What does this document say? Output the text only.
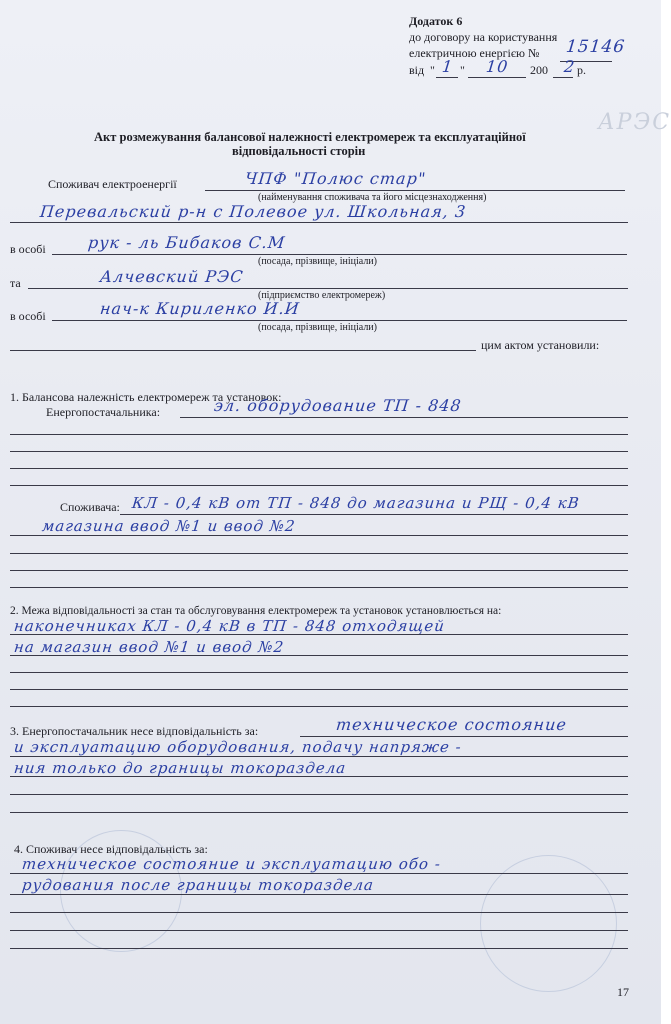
Додаток 6
до договору на користування
електричною енергією № 15146
від " 1 " 10 200 2 р.
АРЭС
Акт розмежування балансової належності електромереж та експлуатаційної
відповідальності сторін
Споживач електроенергії	ЧПФ "Полюс стар"
(найменування споживача та його місцезнаходження)
Перевальский р-н с Полевое ул. Школьная, 3
в особі	рук - ль Бибаков С.М
(посада, прізвище, ініціали)
та	Алчевский РЭС
(підприємство електромереж)
в особі	нач-к Кириленко И.И
(посада, прізвище, ініціали)
цим актом установили:
1. Балансова належність електромереж та установок:
Енергопостачальника:	эл. оборудование ТП - 848
Споживача: КЛ - 0,4 кВ от ТП - 848 до магазина и РЩ - 0,4 кВ
магазина ввод №1 и ввод №2
2. Межа відповідальності за стан та обслуговування електромереж та установок установлюється на:
наконечниках КЛ - 0,4 кВ в ТП - 848 отходящей
на магазин ввод №1 и ввод №2
3. Енергопостачальник несе відповідальність за:	техническое состояние
и эксплуатацию оборудования, подачу напряже -
ния только до границы токораздела
4. Споживач несе відповідальність за:
техническое состояние и эксплуатацию обо -
рудования после границы токораздела
17
